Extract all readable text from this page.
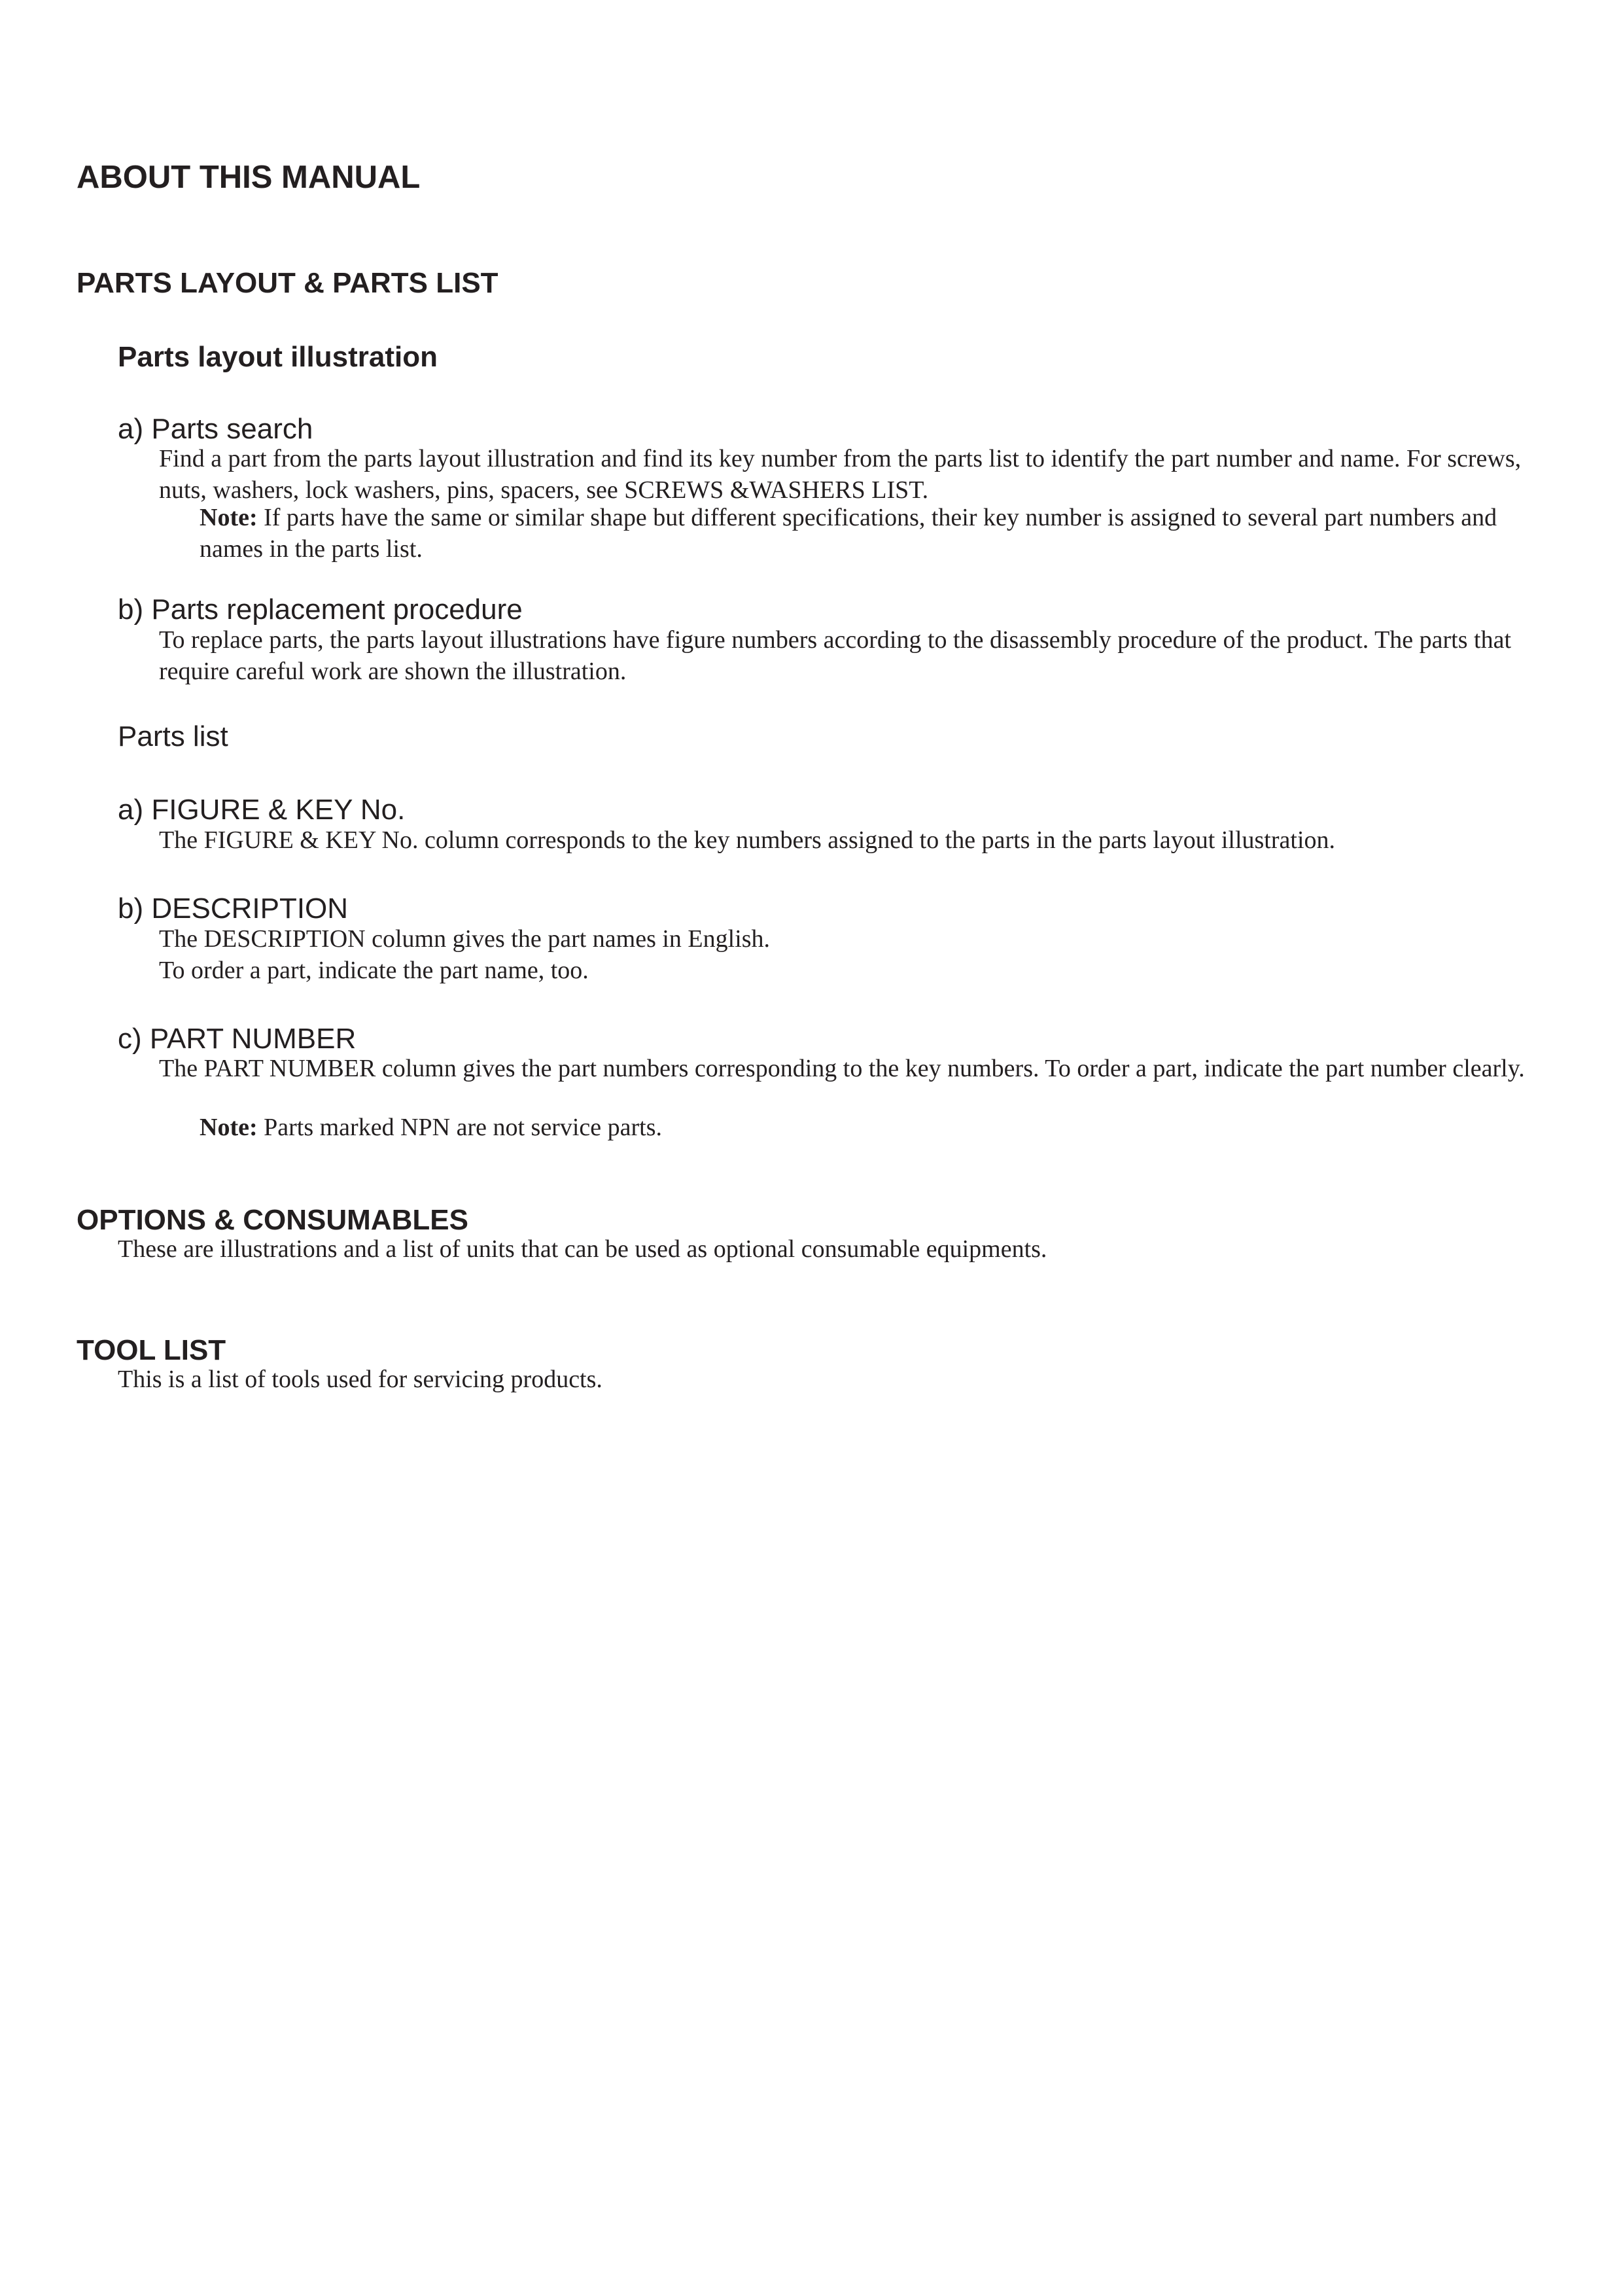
ABOUT THIS MANUAL
PARTS LAYOUT & PARTS LIST
Parts layout illustration
a) Parts search

Find a part from the parts layout illustration and find its key number from the parts list to identify the part number and name. For screws, nuts, washers, lock washers, pins, spacers, see SCREWS &WASHERS LIST.

Note: If parts have the same or similar shape but different specifications, their key number is assigned to several part numbers and names in the parts list.

b) Parts replacement procedure

To replace parts, the parts layout illustrations have figure numbers according to the disassembly procedure of the product. The parts that require careful work are shown the illustration.

Parts list
a) FIGURE & KEY No.

The FIGURE & KEY No. column corresponds to the key numbers assigned to the parts in the parts layout illustration.

b) DESCRIPTION

The DESCRIPTION column gives the part names in English.

To order a part, indicate the part name, too.

c) PART NUMBER

The PART NUMBER column gives the part numbers corresponding to the key numbers. To order a part, indicate the part number clearly.

Note: Parts marked NPN are not service parts.

OPTIONS & CONSUMABLES

These are illustrations and a list of units that can be used as optional consumable equipments.

TOOL LIST

This is a list of tools used for servicing products.
